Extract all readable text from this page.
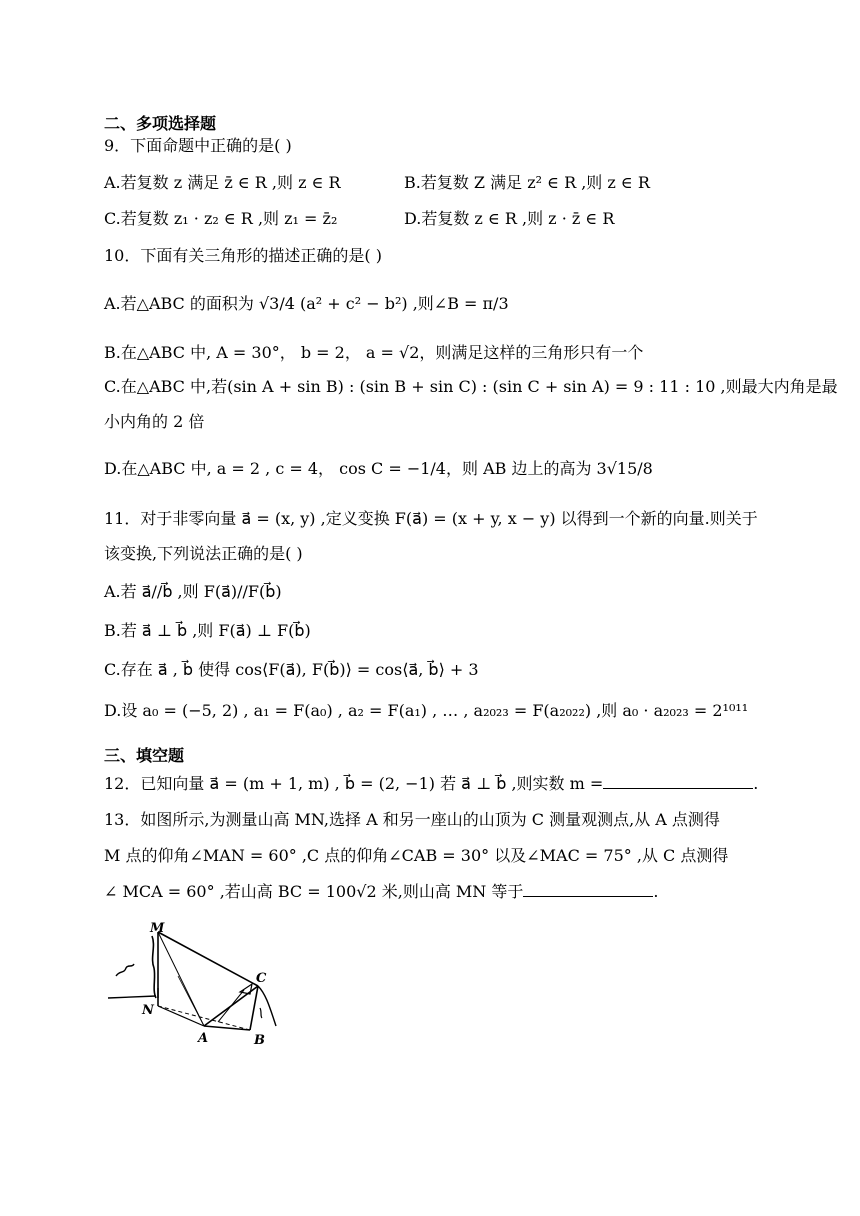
二、多项选择题
9．下面命题中正确的是( )
A.若复数 z 满足 z̄ ∈ R ,则 z ∈ R	B.若复数 Z 满足 z² ∈ R ,则 z ∈ R
C.若复数 z₁ · z₂ ∈ R ,则 z₁ = z̄₂	D.若复数 z ∈ R ,则 z · z̄ ∈ R
10．下面有关三角形的描述正确的是( )
A.若△ABC 的面积为 √3/4 (a² + c² − b²) ,则∠B = π/3
B.在△ABC 中, A = 30°， b = 2， a = √2，则满足这样的三角形只有一个
C.在△ABC 中,若(sin A + sin B) : (sin B + sin C) : (sin C + sin A) = 9 : 11 : 10 ,则最大内角是最
小内角的 2 倍
D.在△ABC 中, a = 2 , c = 4， cos C = −1/4，则 AB 边上的高为 3√15/8
11．对于非零向量 a⃗ = (x, y) ,定义变换 F(a⃗) = (x + y, x − y) 以得到一个新的向量.则关于
该变换,下列说法正确的是( )
A.若 a⃗//b⃗ ,则 F(a⃗)//F(b⃗)
B.若 a⃗ ⊥ b⃗ ,则 F(a⃗) ⊥ F(b⃗)
C.存在 a⃗ , b⃗ 使得 cos⟨F(a⃗), F(b⃗)⟩ = cos⟨a⃗, b⃗⟩ + 3
D.设 a₀ = (−5, 2) , a₁ = F(a₀) , a₂ = F(a₁) , … , a₂₀₂₃ = F(a₂₀₂₂) ,则 a₀ · a₂₀₂₃ = 2¹⁰¹¹
三、填空题
12．已知向量 a⃗ = (m + 1, m) , b⃗ = (2, −1) 若 a⃗ ⊥ b⃗ ,则实数 m =	.
13．如图所示,为测量山高 MN,选择 A 和另一座山的山顶为 C 测量观测点,从 A 点测得
M 点的仰角∠MAN = 60° ,C 点的仰角∠CAB = 30° 以及∠MAC = 75° ,从 C 点测得
∠ MCA = 60° ,若山高 BC = 100√2 米,则山高 MN 等于	.
M
N
A	B
C
